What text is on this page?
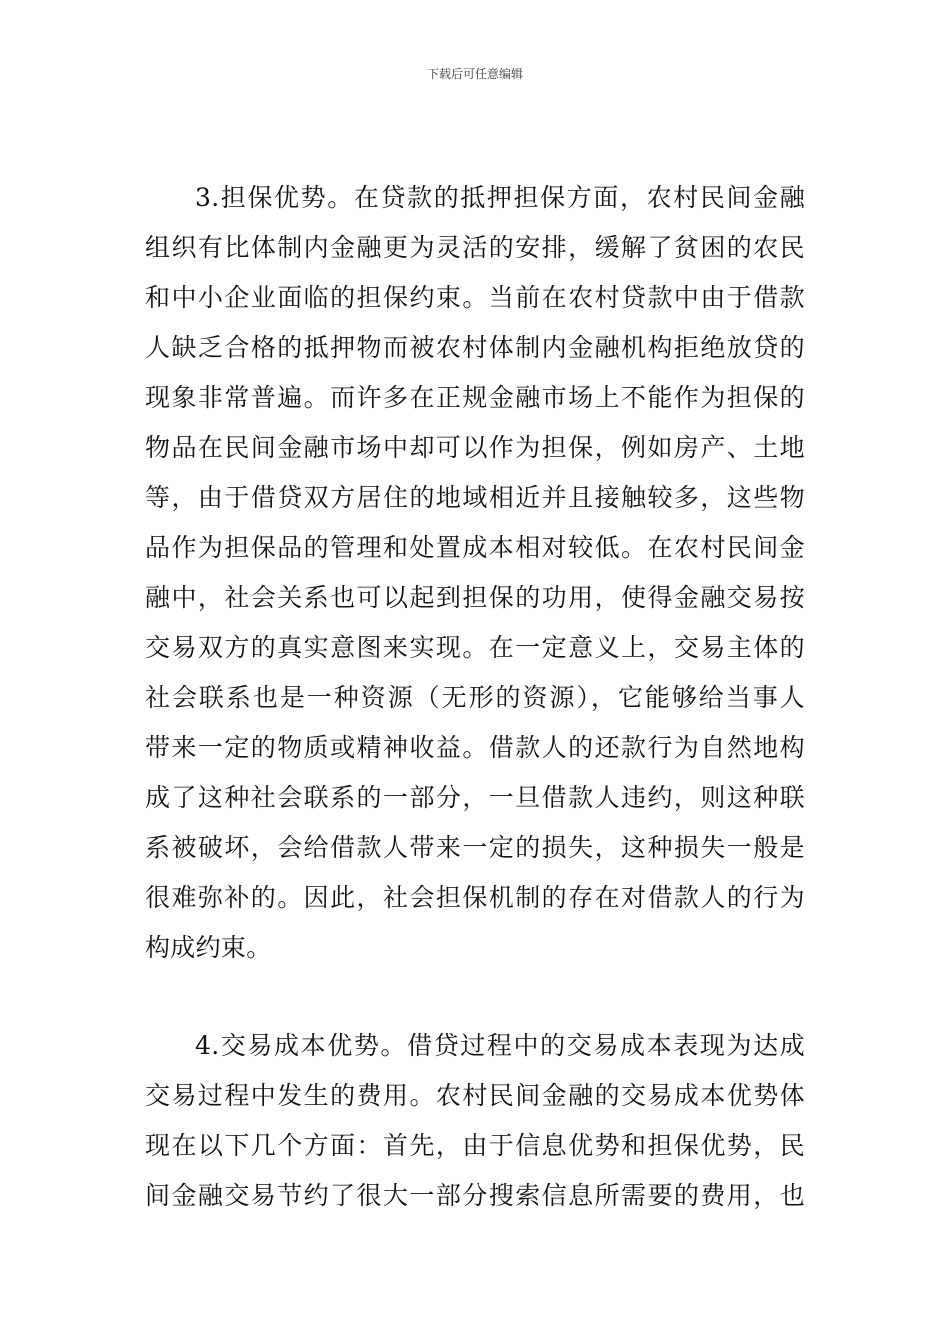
下载后可任意编辑
3.担保优势。在贷款的抵押担保方面，农村民间金融
组织有比体制内金融更为灵活的安排，缓解了贫困的农民
和中小企业面临的担保约束。当前在农村贷款中由于借款
人缺乏合格的抵押物而被农村体制内金融机构拒绝放贷的
现象非常普遍。而许多在正规金融市场上不能作为担保的
物品在民间金融市场中却可以作为担保，例如房产、土地
等，由于借贷双方居住的地域相近并且接触较多，这些物
品作为担保品的管理和处置成本相对较低。在农村民间金
融中，社会关系也可以起到担保的功用，使得金融交易按
交易双方的真实意图来实现。在一定意义上，交易主体的
社会联系也是一种资源（无形的资源），它能够给当事人
带来一定的物质或精神收益。借款人的还款行为自然地构
成了这种社会联系的一部分，一旦借款人违约，则这种联
系被破坏，会给借款人带来一定的损失，这种损失一般是
很难弥补的。因此，社会担保机制的存在对借款人的行为
构成约束。
4.交易成本优势。借贷过程中的交易成本表现为达成
交易过程中发生的费用。农村民间金融的交易成本优势体
现在以下几个方面：首先，由于信息优势和担保优势，民
间金融交易节约了很大一部分搜索信息所需要的费用，也
